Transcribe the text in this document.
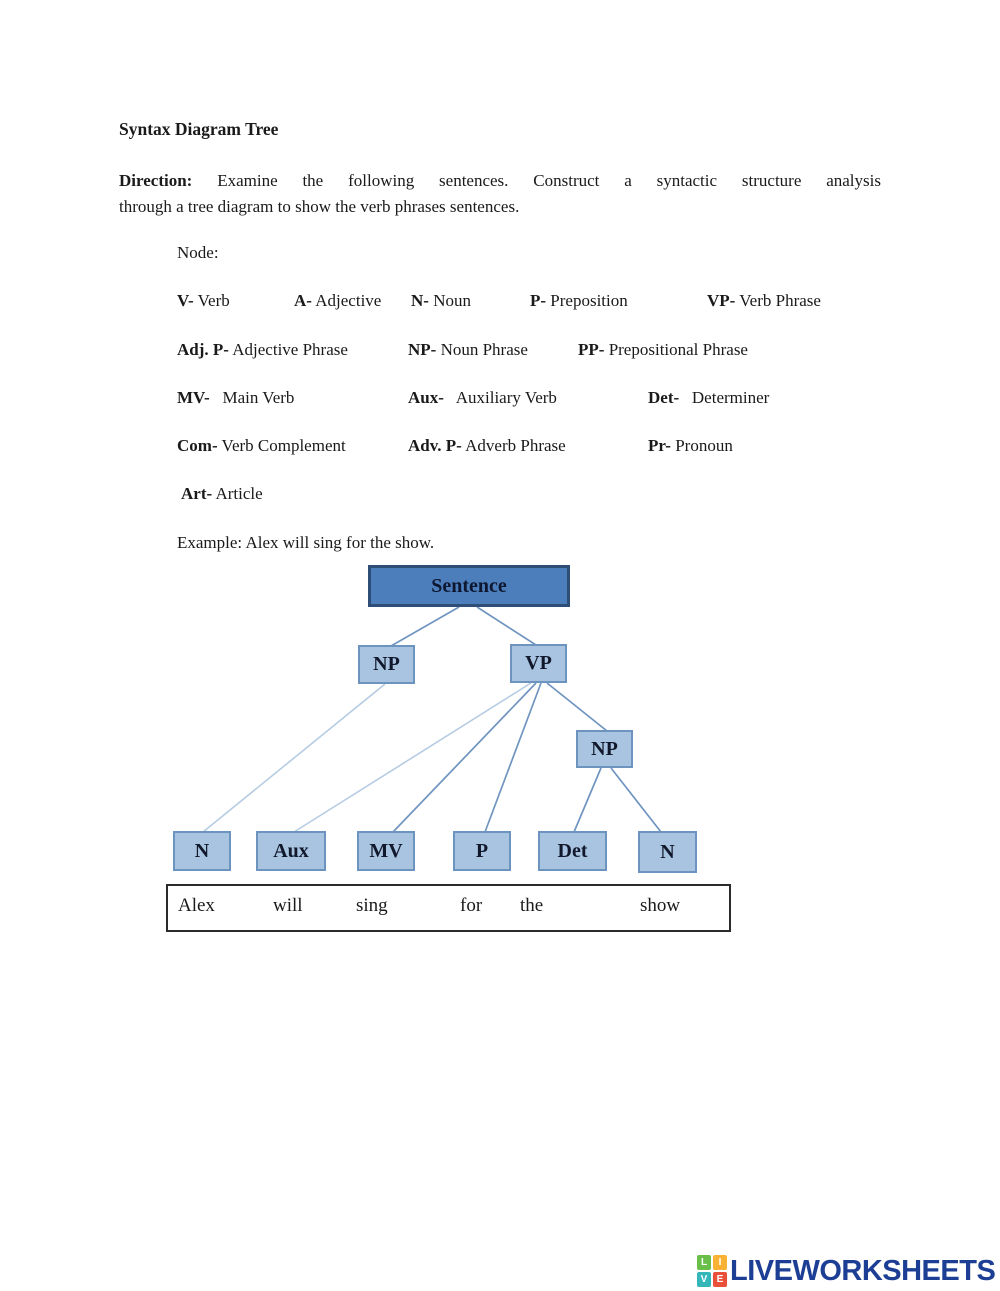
Syntax Diagram Tree
Direction: Examine the following sentences. Construct a syntactic structure analysis
through a tree diagram to show the verb phrases sentences.
Node:
V- Verb	A- Adjective N- Noun	P- Preposition	VP- Verb Phrase
Adj. P- Adjective Phrase	NP- Noun Phrase	PP- Prepositional Phrase
MV-   Main Verb	Aux-   Auxiliary Verb	Det-   Determiner
Com- Verb Complement	Adv. P- Adverb Phrase	Pr- Pronoun
Art- Article
Example: Alex will sing for the show.
Sentence
NP	VP
NP
N	Aux	MV	P	Det	N
Alex	will	sing	for the	show
L	I
V E LIVEWORKSHEETS
